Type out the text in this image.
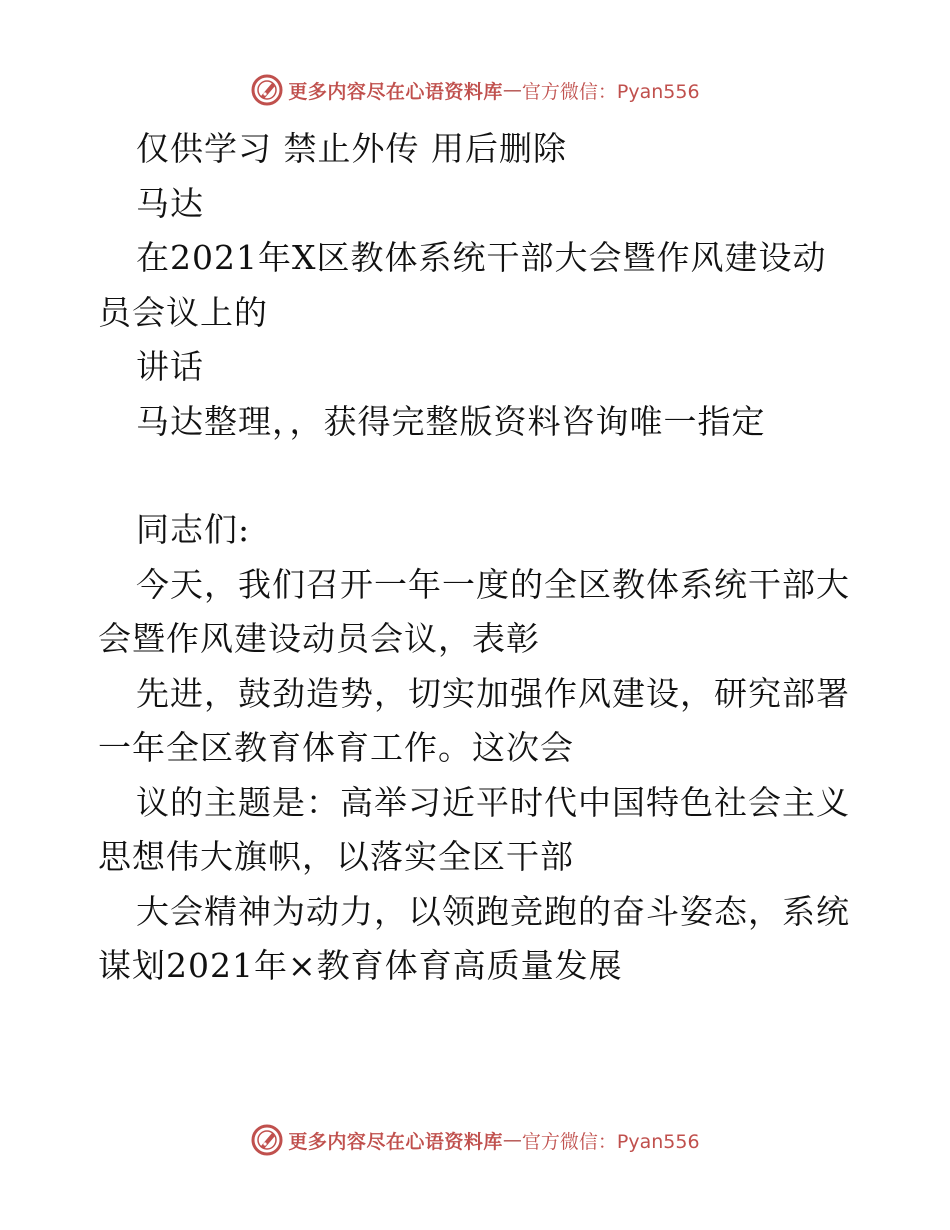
更多内容尽在心语资料库 — 官方微信：Pyan556
仅供学习 禁止外传 用后删除
马达
在2021年X区教体系统干部大会暨作风建设动
员会议上的
讲话
马达整理，，获得完整版资料咨询唯一指定
同志们:
今天，我们召开一年一度的全区教体系统干部大
会暨作风建设动员会议，表彰
先进，鼓劲造势，切实加强作风建设，研究部署
一年全区教育体育工作。这次会
议的主题是：高举习近平时代中国特色社会主义
思想伟大旗帜，以落实全区干部
大会精神为动力，以领跑竞跑的奋斗姿态，系统
谋划2021年×教育体育高质量发展
更多内容尽在心语资料库 — 官方微信：Pyan556
